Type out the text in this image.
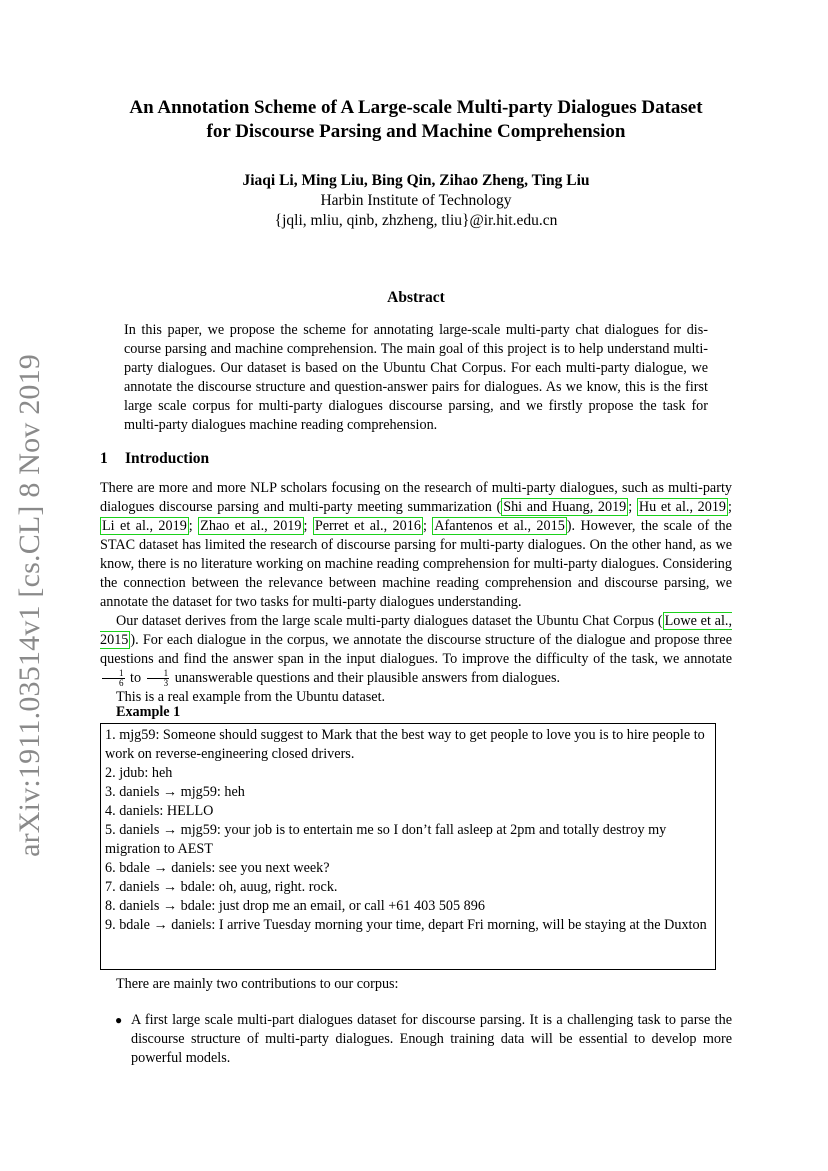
arXiv:1911.03514v1 [cs.CL] 8 Nov 2019
An Annotation Scheme of A Large-scale Multi-party Dialogues Dataset
for Discourse Parsing and Machine Comprehension
Jiaqi Li, Ming Liu, Bing Qin, Zihao Zheng, Ting Liu
Harbin Institute of Technology
{jqli, mliu, qinb, zhzheng, tliu}@ir.hit.edu.cn
Abstract
In this paper, we propose the scheme for annotating large-scale multi-party chat dialogues for discourse parsing and machine comprehension. The main goal of this project is to help understand multi-party dialogues. Our dataset is based on the Ubuntu Chat Corpus. For each multi-party dialogue, we annotate the discourse structure and question-answer pairs for dialogues. As we know, this is the first large scale corpus for multi-party dialogues discourse parsing, and we firstly propose the task for multi-party dialogues machine reading comprehension.
1 Introduction

There are more and more NLP scholars focusing on the research of multi-party dialogues, such as multi-party dialogues discourse parsing and multi-party meeting summarization ( Shi and Huang, 2019 ; Hu et al., 2019 ; Li et al., 2019 ; Zhao et al., 2019 ; Perret et al., 2016 ; Afantenos et al., 2015 ). However, the scale of the STAC dataset has limited the research of discourse parsing for multi-party dialogues. On the other hand, as we know, there is no literature working on machine reading comprehension for multi-party dialogues. Considering the connection between the relevance between machine reading comprehension and discourse parsing, we annotate the dataset for two tasks for multi-party dialogues understanding.

Our dataset derives from the large scale multi-party dialogues dataset the Ubuntu Chat Corpus ( Lowe et al., 2015 ). For each dialogue in the corpus, we annotate the discourse structure of the dialogue and propose three questions and find the answer span in the input dialogues. To improve the difficulty of the task, we annotate
$\frac{1}{6}$ to $\frac{1}{3}$ unanswerable questions and their plausible answers from dialogues.

This is a real example from the Ubuntu dataset.

Example 1
1. mjg59: Someone should suggest to Mark that the best way to get people to love you is to hire people to work on reverse-engineering closed drivers.
2. jdub: heh
3. daniels → mjg59: heh
4. daniels: HELLO
5. daniels → mjg59: your job is to entertain me so I don’t fall asleep at 2pm and totally destroy my migration to AEST
6. bdale → daniels: see you next week?
7. daniels → bdale: oh, auug, right. rock.
8. daniels → bdale: just drop me an email, or call +61 403 505 896
9. bdale → daniels: I arrive Tuesday morning your time, depart Fri morning, will be staying at the Duxton
There are mainly two contributions to our corpus:
● A first large scale multi-part dialogues dataset for discourse parsing. It is a challenging task to parse the discourse structure of multi-party dialogues. Enough training data will be essential to develop more powerful models.
